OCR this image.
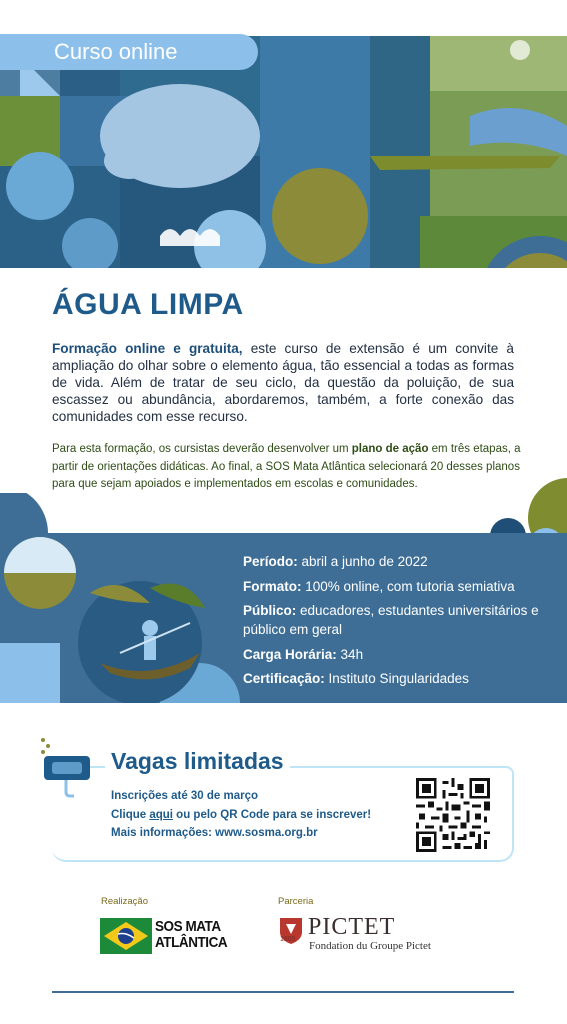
Curso online
ÁGUA LIMPA

Formação online e gratuita, este curso de extensão é um convite à ampliação do olhar sobre o elemento água, tão essencial a todas as formas de vida. Além de tratar de seu ciclo, da questão da poluição, de sua escassez ou abundância, abordaremos, também, a forte conexão das comunidades com esse recurso.

Para esta formação, os cursistas deverão desenvolver um plano de ação em três etapas, a partir de orientações didáticas. Ao final, a SOS Mata Atlântica selecionará 20 desses planos para que sejam apoiados e implementados em escolas e comunidades.

Período: abril a junho de 2022
Formato: 100% online, com tutoria semiativa
Público: educadores, estudantes universitários e público em geral
Carga Horária: 34h
Certificação: Instituto Singularidades
Vagas limitadas
Inscrições até 30 de março
Clique aqui ou pelo QR Code para se inscrever!
Mais informações: www.sosma.org.br
Realização	Parceria
SOS MATA
ATLÂNTICA	1805 PICTET
Fondation du Groupe Pictet
